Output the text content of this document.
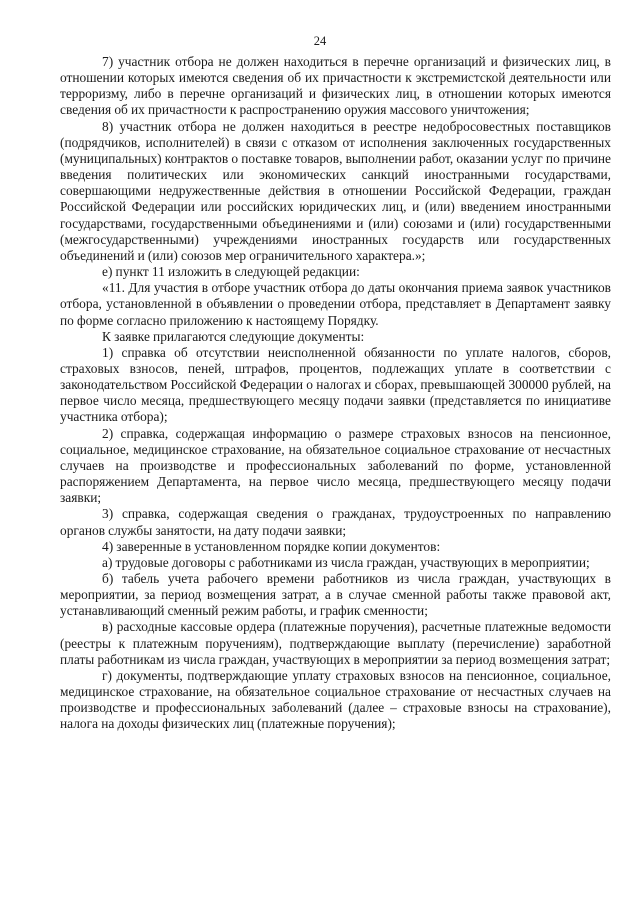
24

7) участник отбора не должен находиться в перечне организаций и физических лиц, в отношении которых имеются сведения об их причастности к экстремистской деятельности или терроризму, либо в перечне организаций и физических лиц, в отношении которых имеются сведения об их причастности к распространению оружия массового уничтожения;

8) участник отбора не должен находиться в реестре недобросовестных поставщиков (подрядчиков, исполнителей) в связи с отказом от исполнения заключенных государственных (муниципальных) контрактов о поставке товаров, выполнении работ, оказании услуг по причине введения политических или экономических санкций иностранными государствами, совершающими недружественные действия в отношении Российской Федерации, граждан Российской Федерации или российских юридических лиц, и (или) введением иностранными государствами, государственными объединениями и (или) союзами и (или) государственными (межгосударственными) учреждениями иностранных государств или государственных объединений и (или) союзов мер ограничительного характера.»;

е) пункт 11 изложить в следующей редакции:

«11. Для участия в отборе участник отбора до даты окончания приема заявок участников отбора, установленной в объявлении о проведении отбора, представляет в Департамент заявку по форме согласно приложению к настоящему Порядку.

К заявке прилагаются следующие документы:

1) справка об отсутствии неисполненной обязанности по уплате налогов, сборов, страховых взносов, пеней, штрафов, процентов, подлежащих уплате в соответствии с законодательством Российской Федерации о налогах и сборах, превышающей 300000 рублей, на первое число месяца, предшествующего месяцу подачи заявки (представляется по инициативе участника отбора);

2) справка, содержащая информацию о размере страховых взносов на пенсионное, социальное, медицинское страхование, на обязательное социальное страхование от несчастных случаев на производстве и профессиональных заболеваний по форме, установленной распоряжением Департамента, на первое число месяца, предшествующего месяцу подачи заявки;

3) справка, содержащая сведения о гражданах, трудоустроенных по направлению органов службы занятости, на дату подачи заявки;

4) заверенные в установленном порядке копии документов:

а) трудовые договоры с работниками из числа граждан, участвующих в мероприятии;

б) табель учета рабочего времени работников из числа граждан, участвующих в мероприятии, за период возмещения затрат, а в случае сменной работы также правовой акт, устанавливающий сменный режим работы, и график сменности;

в) расходные кассовые ордера (платежные поручения), расчетные платежные ведомости (реестры к платежным поручениям), подтверждающие выплату (перечисление) заработной платы работникам из числа граждан, участвующих в мероприятии за период возмещения затрат;

г) документы, подтверждающие уплату страховых взносов на пенсионное, социальное, медицинское страхование, на обязательное социальное страхование от несчастных случаев на производстве и профессиональных заболеваний (далее – страховые взносы на страхование), налога на доходы физических лиц (платежные поручения);
